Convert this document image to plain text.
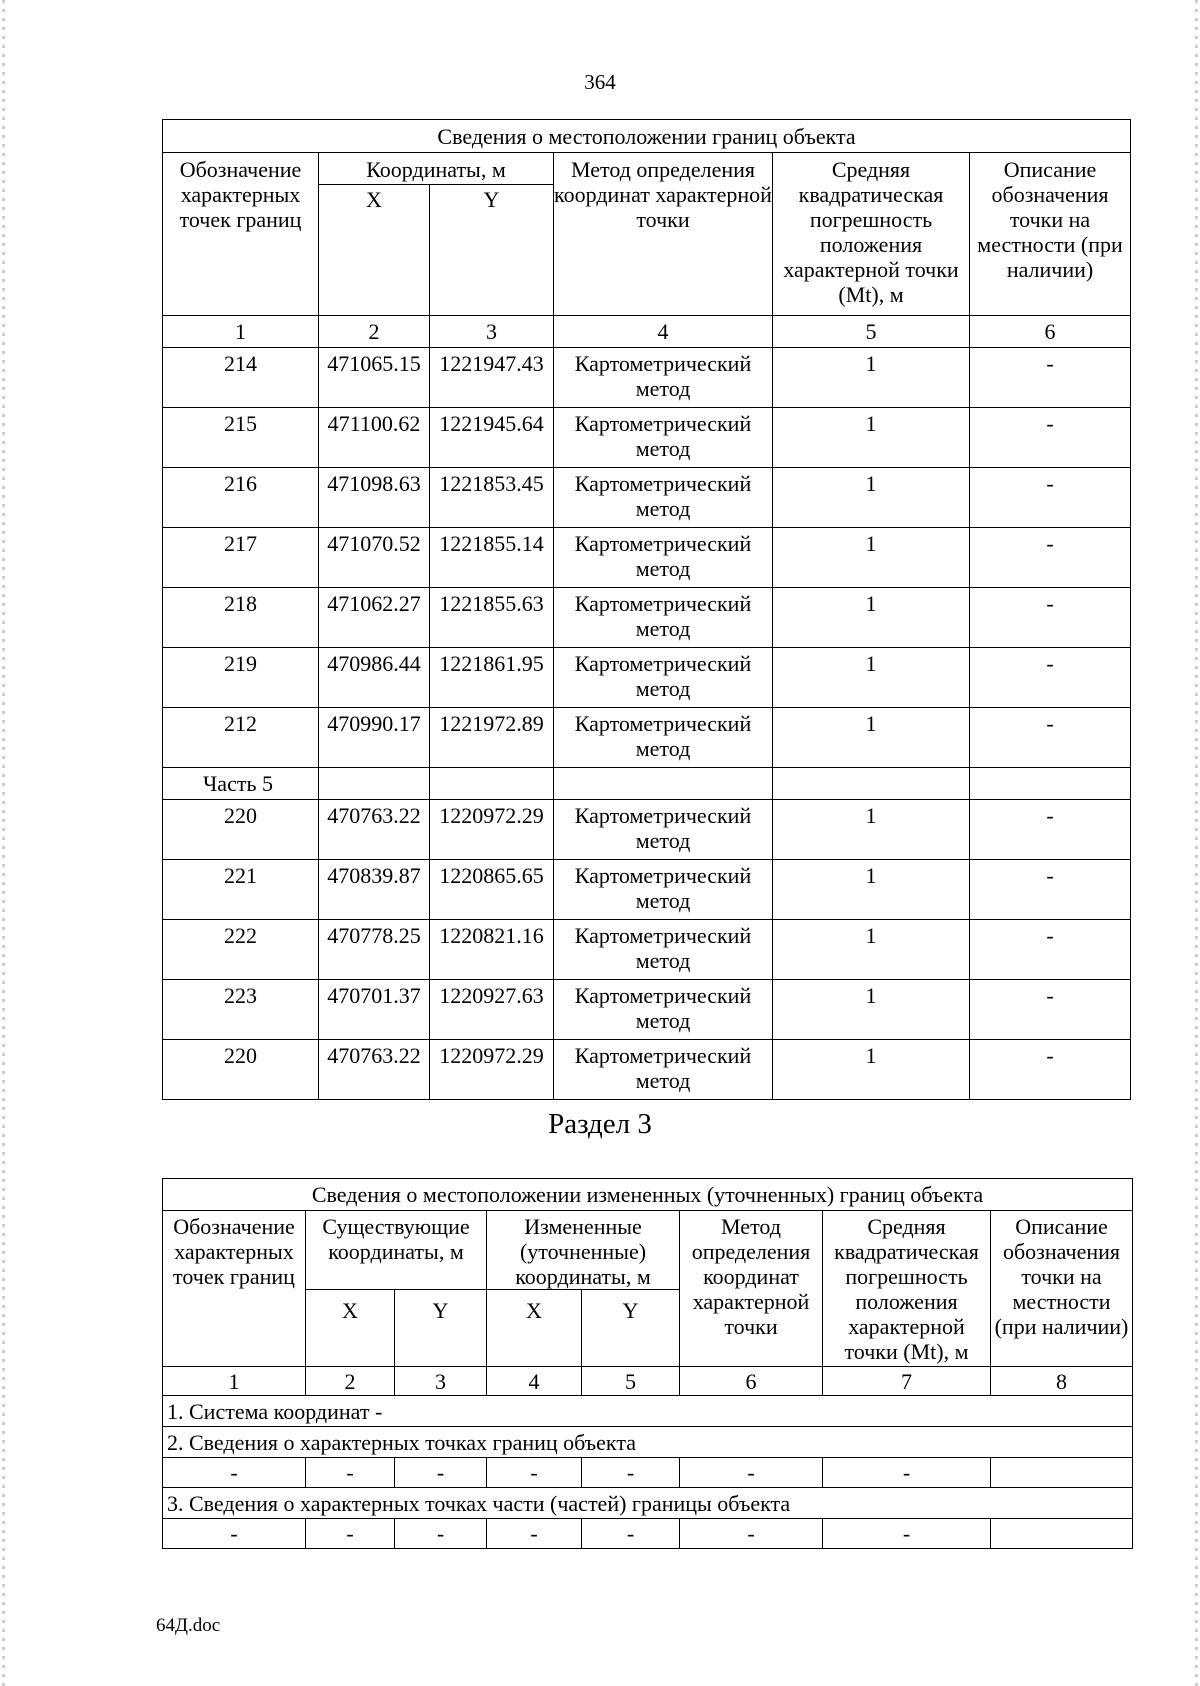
364
Сведения о местоположении границ объекта					
Обозначение характерных точек границ	Координаты, м		Метод определения координат характерной точки	Средняя квадратическая погрешность положения характерной точки (Mt), м	Описание обозначения точки на местности (при наличии)
	X	Y			
1	2	3	4	5	6
214	471065.15	1221947.43	Картометрический метод	1	-
215	471100.62	1221945.64	Картометрический метод	1	-
216	471098.63	1221853.45	Картометрический метод	1	-
217	471070.52	1221855.14	Картометрический метод	1	-
218	471062.27	1221855.63	Картометрический метод	1	-
219	470986.44	1221861.95	Картометрический метод	1	-
212	470990.17	1221972.89	Картометрический метод	1	-
Часть 5					
220	470763.22	1220972.29	Картометрический метод	1	-
221	470839.87	1220865.65	Картометрический метод	1	-
222	470778.25	1220821.16	Картометрический метод	1	-
223	470701.37	1220927.63	Картометрический метод	1	-
220	470763.22	1220972.29	Картометрический метод	1	-
Раздел 3
Сведения о местоположении измененных (уточненных) границ объекта							
Обозначение характерных точек границ	Существующие координаты, м		Измененные (уточненные) координаты, м		Метод определения координат характерной точки	Средняя квадратическая погрешность положения характерной точки (Mt), м	Описание обозначения точки на местности (при наличии)
	X	Y	X	Y			
1	2	3	4	5	6	7	8
1. Система координат -							
2. Сведения о характерных точках границ объекта							
-	-	-	-	-	-	-	
3. Сведения о характерных точках части (частей) границы объекта							
-	-	-	-	-	-	-	
64Д.doc
